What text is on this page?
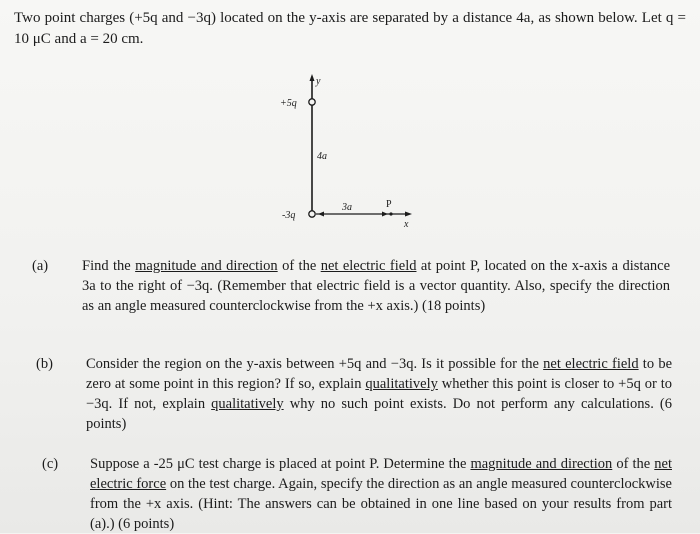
Two point charges (+5q and −3q) located on the y-axis are separated by a distance 4a, as shown below. Let q = 10 μC and a = 20 cm.
y
+5q
4a
-3q
3a	P
x
(a) Find the magnitude and direction of the net electric field at point P, located on the x-axis a distance 3a to the right of −3q. (Remember that electric field is a vector quantity. Also, specify the direction as an angle measured counterclockwise from the +x axis.) (18 points)
(b) Consider the region on the y-axis between +5q and −3q. Is it possible for the net electric field to be zero at some point in this region? If so, explain qualitatively whether this point is closer to +5q or to −3q. If not, explain qualitatively why no such point exists. Do not perform any calculations. (6 points)
(c) Suppose a -25 μC test charge is placed at point P. Determine the magnitude and direction of the net electric force on the test charge. Again, specify the direction as an angle measured counterclockwise from the +x axis. (Hint: The answers can be obtained in one line based on your results from part (a).) (6 points)
